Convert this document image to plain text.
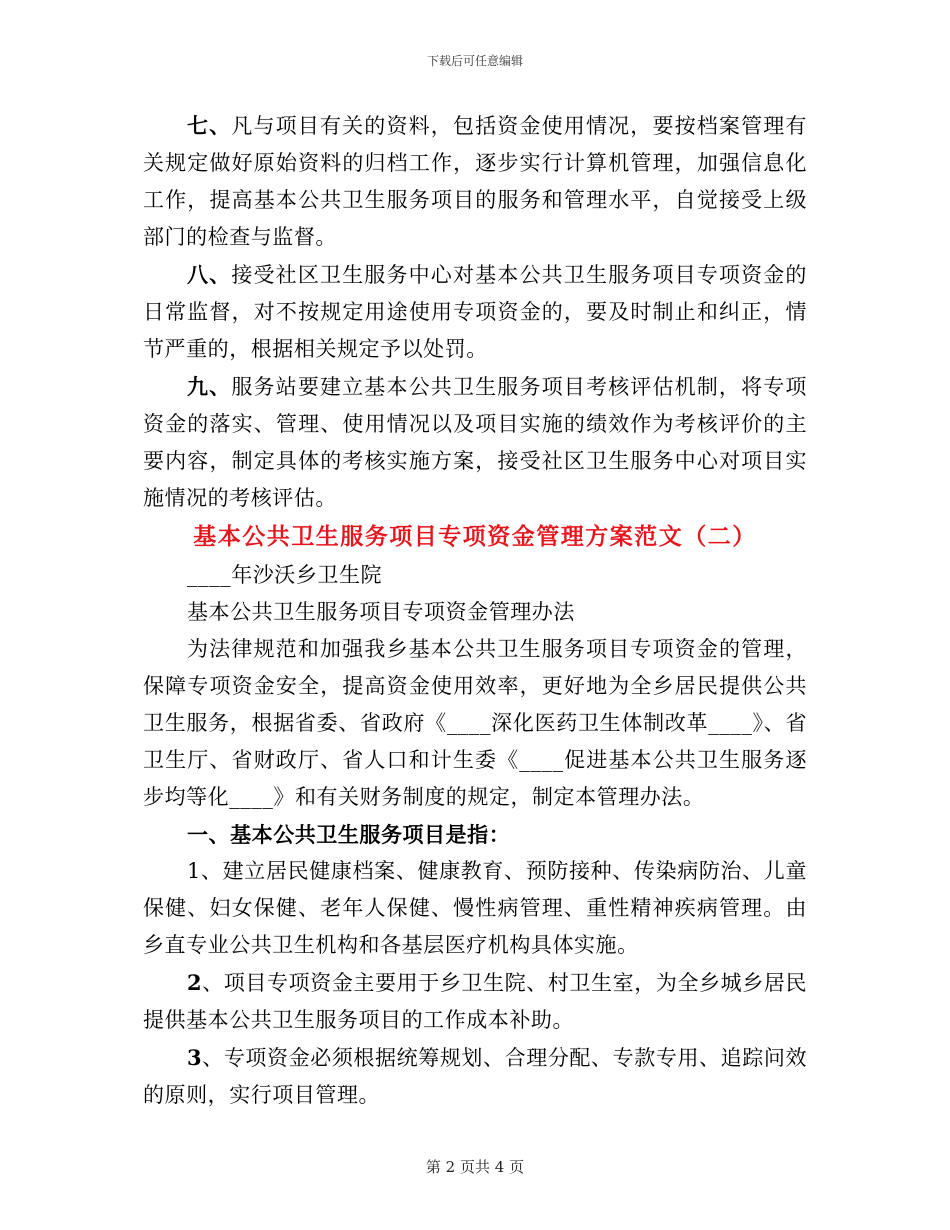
下载后可任意编辑

七、凡与项目有关的资料，包括资金使用情况，要按档案管理有关规定做好原始资料的归档工作，逐步实行计算机管理，加强信息化工作，提高基本公共卫生服务项目的服务和管理水平，自觉接受上级部门的检查与监督。

八、接受社区卫生服务中心对基本公共卫生服务项目专项资金的日常监督，对不按规定用途使用专项资金的，要及时制止和纠正，情节严重的，根据相关规定予以处罚。

九、服务站要建立基本公共卫生服务项目考核评估机制，将专项资金的落实、管理、使用情况以及项目实施的绩效作为考核评价的主要内容，制定具体的考核实施方案，接受社区卫生服务中心对项目实施情况的考核评估。

基本公共卫生服务项目专项资金管理方案范文（二）

____年沙沃乡卫生院

基本公共卫生服务项目专项资金管理办法

为法律规范和加强我乡基本公共卫生服务项目专项资金的管理，保障专项资金安全，提高资金使用效率，更好地为全乡居民提供公共卫生服务，根据省委、省政府《____深化医药卫生体制改革____》、省卫生厅、省财政厅、省人口和计生委《____促进基本公共卫生服务逐步均等化____》和有关财务制度的规定，制定本管理办法。

一、基本公共卫生服务项目是指：

1、建立居民健康档案、健康教育、预防接种、传染病防治、儿童保健、妇女保健、老年人保健、慢性病管理、重性精神疾病管理。由乡直专业公共卫生机构和各基层医疗机构具体实施。

2、项目专项资金主要用于乡卫生院、村卫生室，为全乡城乡居民提供基本公共卫生服务项目的工作成本补助。

3、专项资金必须根据统筹规划、合理分配、专款专用、追踪问效的原则，实行项目管理。

第 2 页共 4 页
